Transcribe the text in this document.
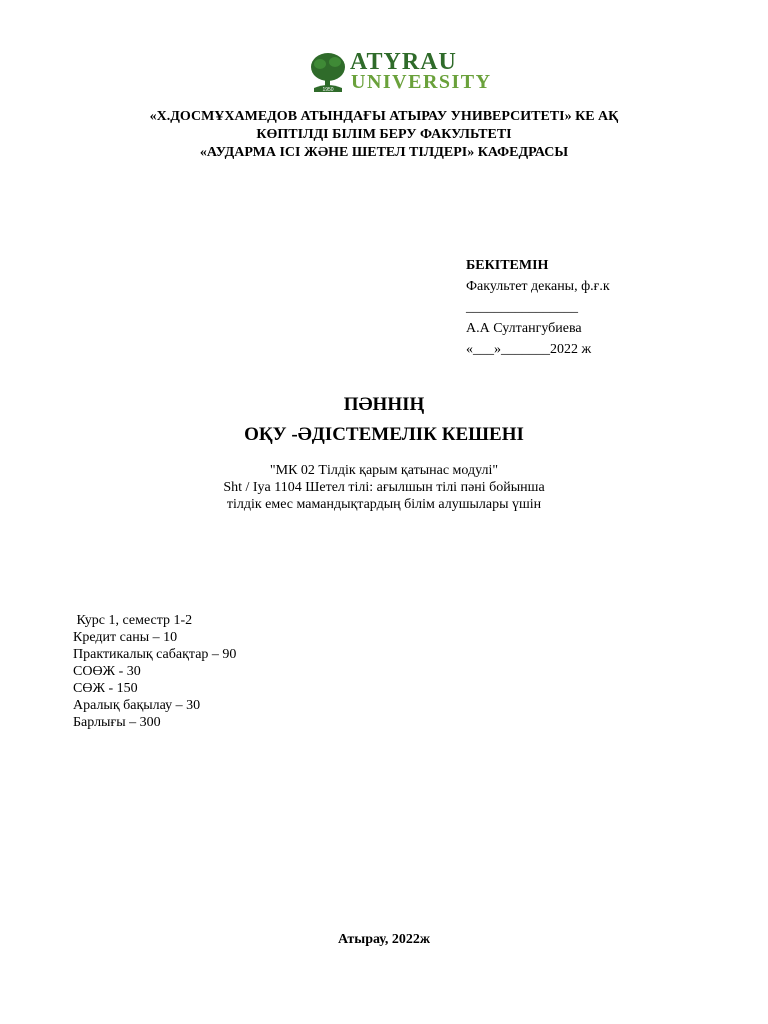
1950
ATYRAU
UNIVERSITY
«Х.ДОСМҰХАМЕДОВ АТЫНДАҒЫ АТЫРАУ УНИВЕРСИТЕТІ» КЕ АҚ
КӨПТІЛДІ БІЛІМ БЕРУ ФАКУЛЬТЕТІ
«АУДАРМА ІСІ ЖӘНЕ ШЕТЕЛ ТІЛДЕРІ» КАФЕДРАСЫ
БЕКІТЕМІН
Факультет деканы, ф.ғ.к
________________
А.А Султангубиева
«___»_______2022 ж
ПӘННІҢ
ОҚУ -ӘДІСТЕМЕЛІК КЕШЕНІ
"МК 02 Тілдік қарым қатынас модулі"
Sht / Iya 1104 Шетел тілі: ағылшын тілі пәні бойынша
тілдік емес мамандықтардың білім алушылары үшін
Курс 1, семестр 1-2
Кредит саны – 10
Практикалық сабақтар – 90
СОӨЖ - 30
СӨЖ - 150
Аралық бақылау – 30
Барлығы – 300
Атырау, 2022ж
